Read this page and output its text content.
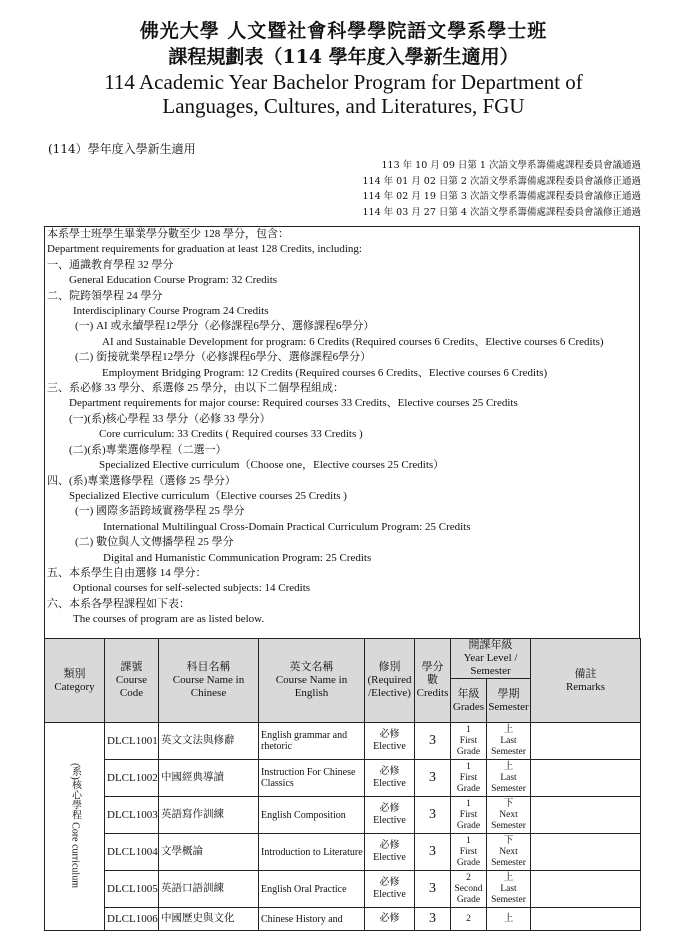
佛光大學 人文暨社會科學學院語文學系學士班
課程規劃表（114 學年度入學新生適用）
114 Academic Year Bachelor Program for Department of
Languages, Cultures, and Literatures, FGU
(114）學年度入學新生適用
113 年 10 月 09 日第 1 次語文學系籌備處課程委員會議通過
114 年 01 月 02 日第 2 次語文學系籌備處課程委員會議修正通過
114 年 02 月 19 日第 3 次語文學系籌備處課程委員會議修正通過
114 年 03 月 27 日第 4 次語文學系籌備處課程委員會議修正通過
本系學士班學生畢業學分數至少 128 學分，包含：
Department requirements for graduation at least 128 Credits, including:
一、通識教育學程 32 學分
General Education Course Program: 32 Credits
二、院跨領學程 24 學分
Interdisciplinary Course Program 24 Credits
(一) AI 或永續學程12學分（必修課程6學分、選修課程6學分）
AI and Sustainable Development for program: 6 Credits (Required courses 6 Credits、Elective courses 6 Credits)
(二) 銜接就業學程12學分（必修課程6學分、選修課程6學分）
Employment Bridging Program: 12 Credits (Required courses 6 Credits、Elective courses 6 Credits)
三、系必修 33 學分、系選修 25 學分，由以下二個學程組成：
Department requirements for major course: Required courses 33 Credits、Elective courses 25 Credits
(一)(系)核心學程 33 學分（必修 33 學分）
Core curriculum: 33 Credits ( Required courses 33 Credits )
(二)(系)專業選修學程（二選一）
Specialized Elective curriculum（Choose one，Elective courses 25 Credits）
四、(系)專業選修學程（選修 25 學分）
Specialized Elective curriculum（Elective courses 25 Credits )
(一) 國際多語跨域實務學程 25 學分
International Multilingual Cross-Domain Practical Curriculum Program: 25 Credits
(二) 數位與人文傳播學程 25 學分
Digital and Humanistic Communication Program: 25 Credits
五、本系學生自由選修 14 學分：
Optional courses for self-selected subjects: 14 Credits
六、本系各學程課程如下表：
The courses of program are as listed below.
類別
Category	課號
Course
Code	科目名稱
Course Name in
Chinese	英文名稱
Course Name in
English	修別
(Required
/Elective)	學分
數
Credits	開課年級
Year Level /
Semester		備註
Remarks
						年級
Grades	學期
Semester	
(系)核心學程 Core curriculum	DLCL1001	英文文法與修辭	English grammar and rhetoric	必修
Elective	3	1
First
Grade	上
Last
Semester	
	DLCL1002	中國經典導讀	Instruction For Chinese Classics	必修
Elective	3	1
First
Grade	上
Last
Semester	
	DLCL1003	英語寫作訓練	English Composition	必修
Elective	3	1
First
Grade	下
Next
Semester	
	DLCL1004	文學概論	Introduction to Literature	必修
Elective	3	1
First
Grade	下
Next
Semester	
	DLCL1005	英語口語訓練	English Oral Practice	必修
Elective	3	2
Second
Grade	上
Last
Semester	
	DLCL1006	中國歷史與文化	Chinese History and	必修	3	2	上	
